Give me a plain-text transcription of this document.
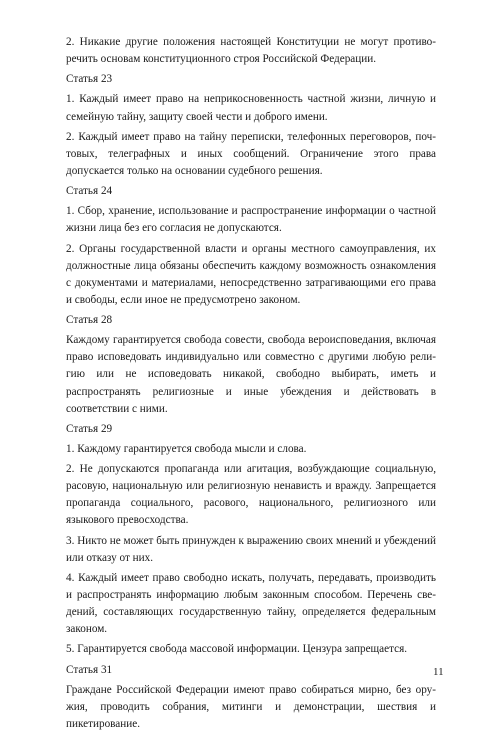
2. Никакие другие положения настоящей Конституции не могут противоречить основам конституционного строя Российской Федерации.

Статья 23

1. Каждый имеет право на неприкосновенность частной жизни, личную и семейную тайну, защиту своей чести и доброго имени.

2. Каждый имеет право на тайну переписки, телефонных переговоров, почтовых, телеграфных и иных сообщений. Ограничение этого права допускается только на основании судебного решения.

Статья 24

1. Сбор, хранение, использование и распространение информации о частной жизни лица без его согласия не допускаются.

2. Органы государственной власти и органы местного самоуправления, их должностные лица обязаны обеспечить каждому возможность ознакомления с документами и материалами, непосредственно затрагивающими его права и свободы, если иное не предусмотрено законом.

Статья 28

Каждому гарантируется свобода совести, свобода вероисповедания, включая право исповедовать индивидуально или совместно с другими любую религию или не исповедовать никакой, свободно выбирать, иметь и распространять религиозные и иные убеждения и действовать в соответствии с ними.

Статья 29

1. Каждому гарантируется свобода мысли и слова.

2. Не допускаются пропаганда или агитация, возбуждающие социальную, расовую, национальную или религиозную ненависть и вражду. Запрещается пропаганда социального, расового, национального, религиозного или языкового превосходства.

3. Никто не может быть принужден к выражению своих мнений и убеждений или отказу от них.

4. Каждый имеет право свободно искать, получать, передавать, производить и распространять информацию любым законным способом. Перечень сведений, составляющих государственную тайну, определяется федеральным законом.

5. Гарантируется свобода массовой информации. Цензура запрещается.

Статья 31

Граждане Российской Федерации имеют право собираться мирно, без оружия, проводить собрания, митинги и демонстрации, шествия и пикетирование.

11
